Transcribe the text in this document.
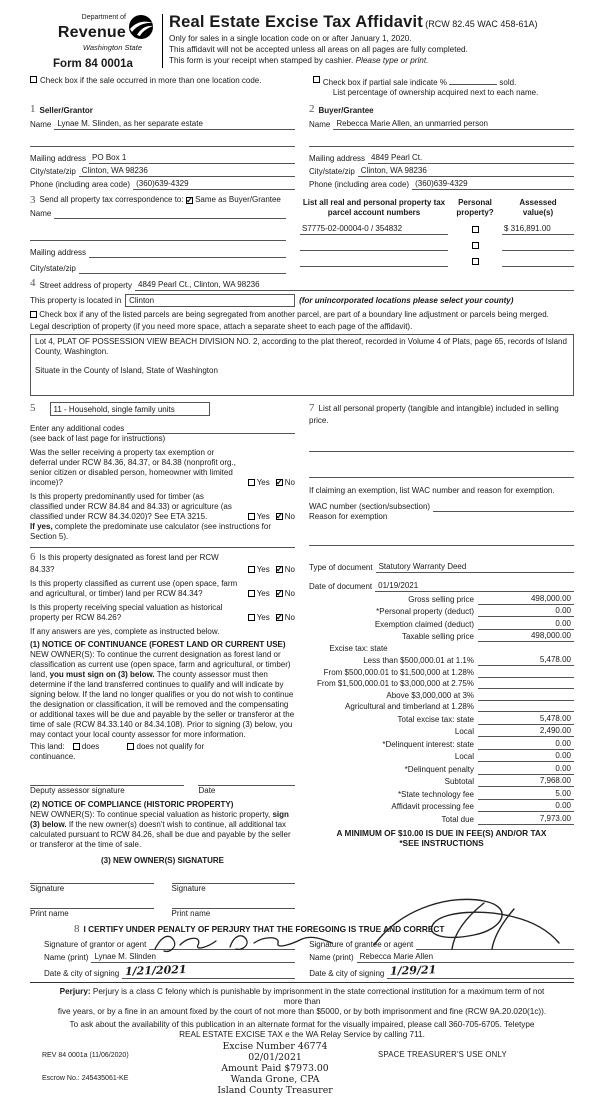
Department of
Revenue
Washington State
Form 84 0001a
Real Estate Excise Tax Affidavit (RCW 82.45 WAC 458-61A)
Only for sales in a single location code on or after January 1, 2020.
This affidavit will not be accepted unless all areas on all pages are fully completed.
This form is your receipt when stamped by cashier. Please type or print.
Check box if the sale occurred in more than one location code.	Check box if partial sale indicate %	sold.
List percentage of ownership acquired next to each name.
1 Seller/Grantor
Name Lynae M. Slinden, as her separate estate
Mailing address PO Box 1
City/state/zip Clinton, WA 98236
Phone (including area code) (360)639-4329
2 Buyer/Grantee
Name Rebecca Marie Allen, an unmarried person
Mailing address 4849 Pearl Ct.
City/state/zip Clinton, WA 98236
Phone (including area code) (360)639-4329
3 Send all property tax correspondence to:

✓
Same as Buyer/Grantee
Name
Mailing address
City/state/zip
List all real and personal property tax
parcel account numbers
Personal
property?
Assessed
value(s)
S7775-02-00004-0 / 354832	$ 316,891.00
4 Street address of property 4849 Pearl Ct., Clinton, WA 98236
This property is located in	Clinton	(for unincorporated locations please select your county)
Check box if any of the listed parcels are being segregated from another parcel, are part of a boundary line adjustment or parcels being merged.
Legal description of property (if you need more space, attach a separate sheet to each page of the affidavit).

Lot 4, PLAT OF POSSESSION VIEW BEACH DIVISION NO. 2, according to the plat thereof, recorded in Volume 4 of Plats, page 65, records of Island County, Washington.

Situate in the County of Island, State of Washington

5	11 - Household, single family units
Enter any additional codes
(see back of last page for instructions)
Was the seller receiving a property tax exemption or deferral under RCW 84.36, 84.37, or 84.38 (nonprofit org., senior citizen or disabled person, homeowner with limited income)?	Yes ✓ No
Is this property predominantly used for timber (as classified under RCW 84.84 and 84.33) or agriculture (as classified under RCW 84.34.020)? See ETA 3215.	Yes ✓ No
If yes, complete the predominate use calculator (see instructions for Section 5).
6 Is this property designated as forest land per RCW 84.33?	Yes ✓ No
Is this property classified as current use (open space, farm and agricultural, or timber) land per RCW 84.34?	Yes ✓ No
Is this property receiving special valuation as historical property per RCW 84.26?	Yes ✓ No
If any answers are yes, complete as instructed below.
(1) NOTICE OF CONTINUANCE (FOREST LAND OR CURRENT USE)
NEW OWNER(S): To continue the current designation as forest land or classification as current use (open space, farm and agricultural, or timber) land, you must sign on (3) below. The county assessor must then determine if the land transferred continues to qualify and will indicate by signing below. If the land no longer qualifies or you do not wish to continue the designation or classification, it will be removed and the compensating or additional taxes will be due and payable by the seller or transferor at the time of sale (RCW 84.33.140 or 84.34.108). Prior to signing (3) below, you may contact your local county assessor for more information.
This land:	does	does not qualify for
continuance.
Deputy assessor signature	Date
(2) NOTICE OF COMPLIANCE (HISTORIC PROPERTY)
NEW OWNER(S): To continue special valuation as historic property, sign (3) below. If the new owner(s) doesn't wish to continue, all additional tax calculated pursuant to RCW 84.26, shall be due and payable by the seller or transferor at the time of sale.
(3) NEW OWNER(S) SIGNATURE
Signature	Signature
Print name	Print name
7 List all personal property (tangible and intangible) included in selling price.
If claiming an exemption, list WAC number and reason for exemption.
WAC number (section/subsection)
Reason for exemption
Type of document Statutory Warranty Deed
Date of document 01/19/2021
Gross selling price	498,000.00
*Personal property (deduct)	0.00
Exemption claimed (deduct)	0.00
Taxable selling price	498,000.00
Excise tax: state
Less than $500,000.01 at 1.1%	5,478.00
From $500,000.01 to $1,500,000 at 1.28%
From $1,500,000.01 to $3,000,000 at 2.75%
Above $3,000,000 at 3%
Agricultural and timberland at 1.28%
Total excise tax: state	5,478.00
Local	2,490.00
*Delinquent interest: state	0.00
Local	0.00
*Delinquent penalty	0.00
Subtotal	7,968.00
*State technology fee	5.00
Affidavit processing fee	0.00
Total due	7,973.00
A MINIMUM OF $10.00 IS DUE IN FEE(S) AND/OR TAX
*SEE INSTRUCTIONS
8 I CERTIFY UNDER PENALTY OF PERJURY THAT THE FOREGOING IS TRUE AND CORRECT
Signature of grantor or agent
Name (print) Lynae M. Slinden
Date & city of signing 1/21/2021
Signature of grantee or agent
Name (print) Rebecca Marie Allen
Date & city of signing 1/29/21
Perjury: Perjury is a class C felony which is punishable by imprisonment in the state correctional institution for a maximum term of not
more than
five years, or by a fine in an amount fixed by the court of not more than $5000, or by both imprisonment and fine (RCW 9A.20.020(1c)).
To ask about the availability of this publication in an alternate format for the visually impaired, please call 360-705-6705. Teletype
REAL ESTATE EXCISE TAX e the WA Relay Service by calling 711.
REV 84 0001a (11/06/2020)
Escrow No.: 245435061-KE
Excise Number 46774
02/01/2021
Amount Paid $7973.00
Wanda Grone, CPA
Island County Treasurer
SPACE TREASURER'S USE ONLY
